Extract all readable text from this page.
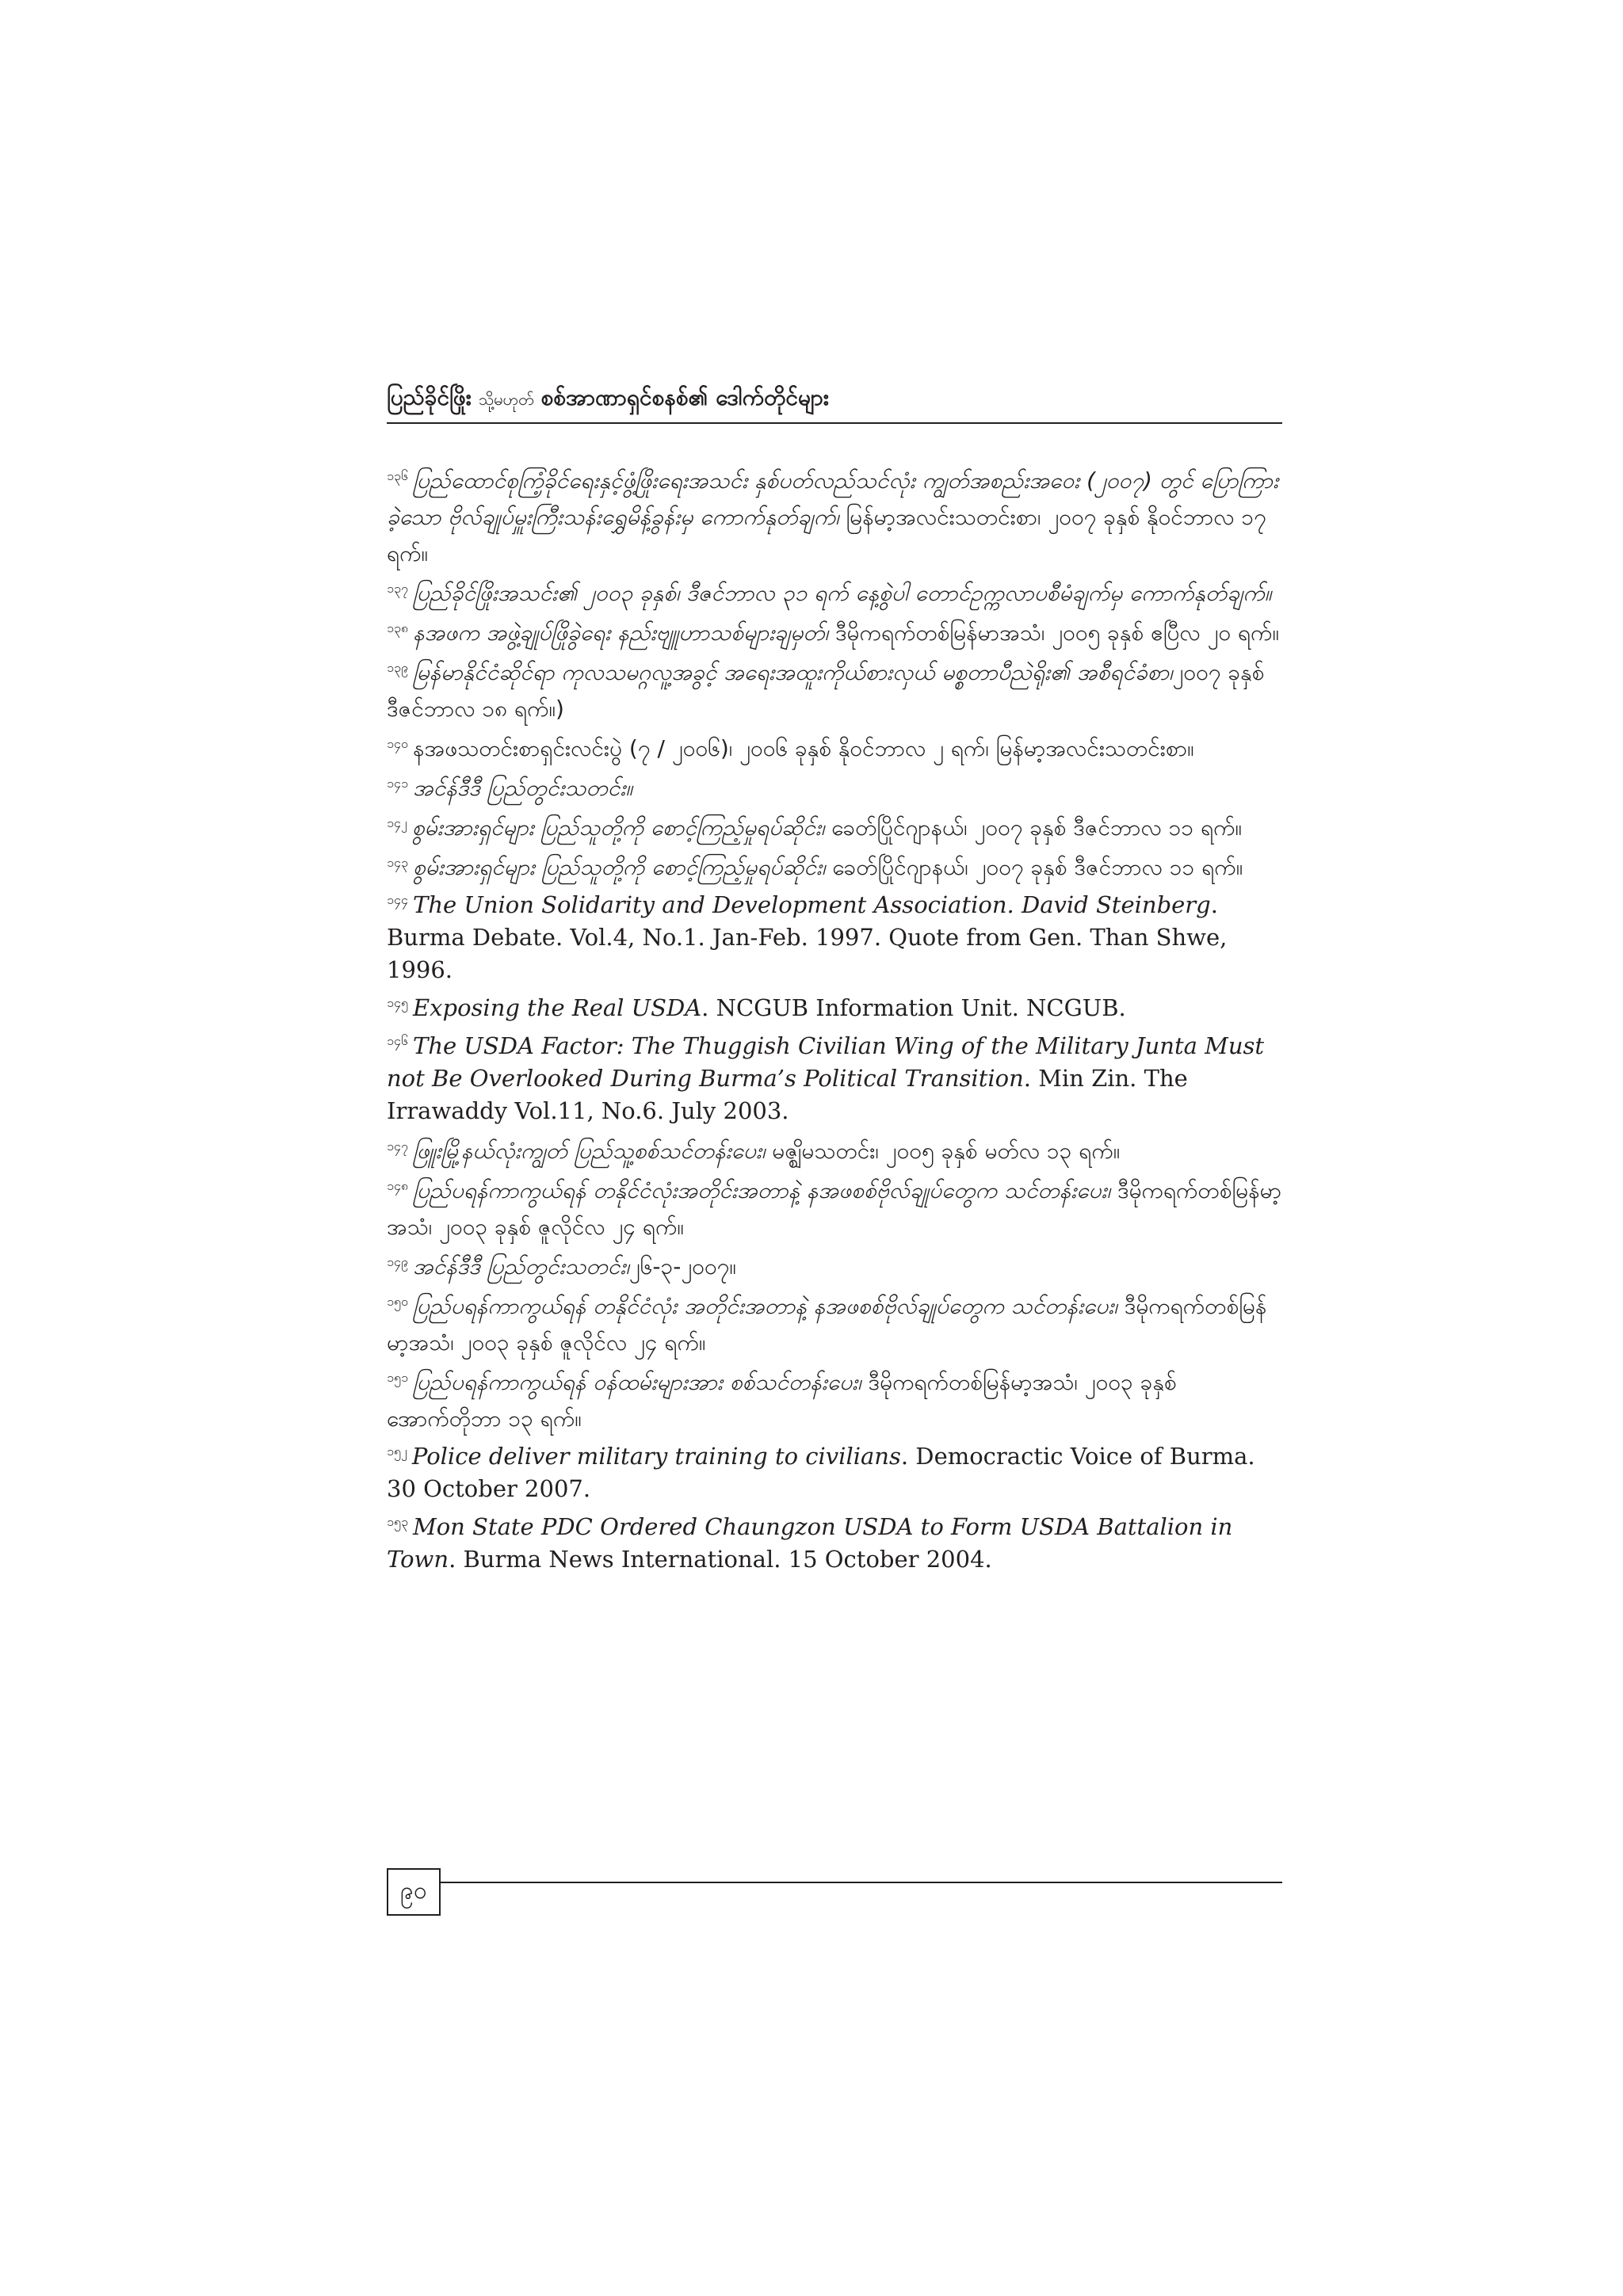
ပြည်ခိုင်ဖြိုး သို့မဟုတ် စစ်အာဏာရှင်စနစ်၏ ဒေါက်တိုင်များ

$^{၁၃၆}$ ပြည်ထောင်စုကြံ့ခိုင်ရေးနှင့်ဖွံ့ဖြိုးရေးအသင်း နှစ်ပတ်လည်သင်လုံး ကျွတ်အစည်းအဝေး (၂၀၀၇) တွင် ပြောကြားခဲ့သော ဗိုလ်ချုပ်မှူးကြီးသန်းရွှေမိန့်ခွန်းမှ ကောက်နုတ်ချက်၊ မြန်မာ့အလင်းသတင်းစာ၊ ၂၀၀၇ ခုနှစ် နိုဝင်ဘာလ ၁၇ ရက်။

$^{၁၃၇}$ ပြည်ခိုင်ဖြိုးအသင်း၏ ၂၀၀၃ ခုနှစ်၊ ဒီဇင်ဘာလ ၃၁ ရက် နေ့စွဲပါ တောင်ဥက္ကလာပစီမံချက်မှ ကောက်နုတ်ချက်။

$^{၁၃၈}$ နအဖက အဖွဲ့ချုပ်ဖြိုခွဲရေး နည်းဗျူဟာသစ်များချမှတ်၊ ဒီမိုကရက်တစ်မြန်မာအသံ၊ ၂၀၀၅ ခုနှစ် ဧပြီလ ၂၀ ရက်။

$^{၁၃၉}$ မြန်မာနိုင်ငံဆိုင်ရာ ကုလသမဂ္ဂလူ့အခွင့် အရေးအထူးကိုယ်စားလှယ် မစ္စတာပီညဲရိုး၏ အစီရင်ခံစာ၊၂၀၀၇ ခုနှစ် ဒီဇင်ဘာလ ၁၈ ရက်။)

$^{၁၄၀}$ နအဖသတင်းစာရှင်းလင်းပွဲ (၇ / ၂၀၀၆)၊ ၂၀၀၆ ခုနှစ် နိုဝင်ဘာလ ၂ ရက်၊ မြန်မာ့အလင်းသတင်းစာ။

$^{၁၄၁}$ အင်န်ဒီဒီ ပြည်တွင်းသတင်း။

$^{၁၄၂}$ စွမ်းအားရှင်များ ပြည်သူတို့ကို စောင့်ကြည့်မှုရပ်ဆိုင်း၊ ခေတ်ပြိုင်ဂျာနယ်၊ ၂၀၀၇ ခုနှစ် ဒီဇင်ဘာလ ၁၁ ရက်။

$^{၁၄၃}$ စွမ်းအားရှင်များ ပြည်သူတို့ကို စောင့်ကြည့်မှုရပ်ဆိုင်း၊ ခေတ်ပြိုင်ဂျာနယ်၊ ၂၀၀၇ ခုနှစ် ဒီဇင်ဘာလ ၁၁ ရက်။

$^{၁၄၄}$ The Union Solidarity and Development Association. David Steinberg. Burma Debate. Vol.4, No.1. Jan-Feb. 1997. Quote from Gen. Than Shwe, 1996.

$^{၁၄၅}$ Exposing the Real USDA. NCGUB Information Unit. NCGUB.

$^{၁၄၆}$ The USDA Factor: The Thuggish Civilian Wing of the Military Junta Must not Be Overlooked During Burma’s Political Transition. Min Zin. The Irrawaddy Vol.11, No.6. July 2003.

$^{၁၄၇}$ ဖြူးမြို့နယ်လုံးကျွတ် ပြည်သူ့စစ်သင်တန်းပေး၊ မဇ္ဈိမသတင်း၊ ၂၀၀၅ ခုနှစ် မတ်လ ၁၃ ရက်။

$^{၁၄၈}$ ပြည်ပရန်ကာကွယ်ရန် တနိုင်ငံလုံးအတိုင်းအတာနဲ့ နအဖစစ်ဗိုလ်ချုပ်တွေက သင်တန်းပေး၊ ဒီမိုကရက်တစ်မြန်မာ့အသံ၊ ၂၀၀၃ ခုနှစ် ဇူလိုင်လ ၂၄ ရက်။

$^{၁၄၉}$ အင်န်ဒီဒီ ပြည်တွင်းသတင်း၊၂၆-၃-၂၀၀၇။

$^{၁၅၀}$ ပြည်ပရန်ကာကွယ်ရန် တနိုင်ငံလုံး အတိုင်းအတာနဲ့ နအဖစစ်ဗိုလ်ချုပ်တွေက သင်တန်းပေး၊ ဒီမိုကရက်တစ်မြန်မာ့အသံ၊ ၂၀၀၃ ခုနှစ် ဇူလိုင်လ ၂၄ ရက်။

$^{၁၅၁}$ ပြည်ပရန်ကာကွယ်ရန် ဝန်ထမ်းများအား စစ်သင်တန်းပေး၊ ဒီမိုကရက်တစ်မြန်မာ့အသံ၊ ၂၀၀၃ ခုနှစ် အောက်တိုဘာ ၁၃ ရက်။

$^{၁၅၂}$ Police deliver military training to civilians. Democractic Voice of Burma. 30 October 2007.

$^{၁၅၃}$ Mon State PDC Ordered Chaungzon USDA to Form USDA Battalion in Town. Burma News International. 15 October 2004.

၉၀
